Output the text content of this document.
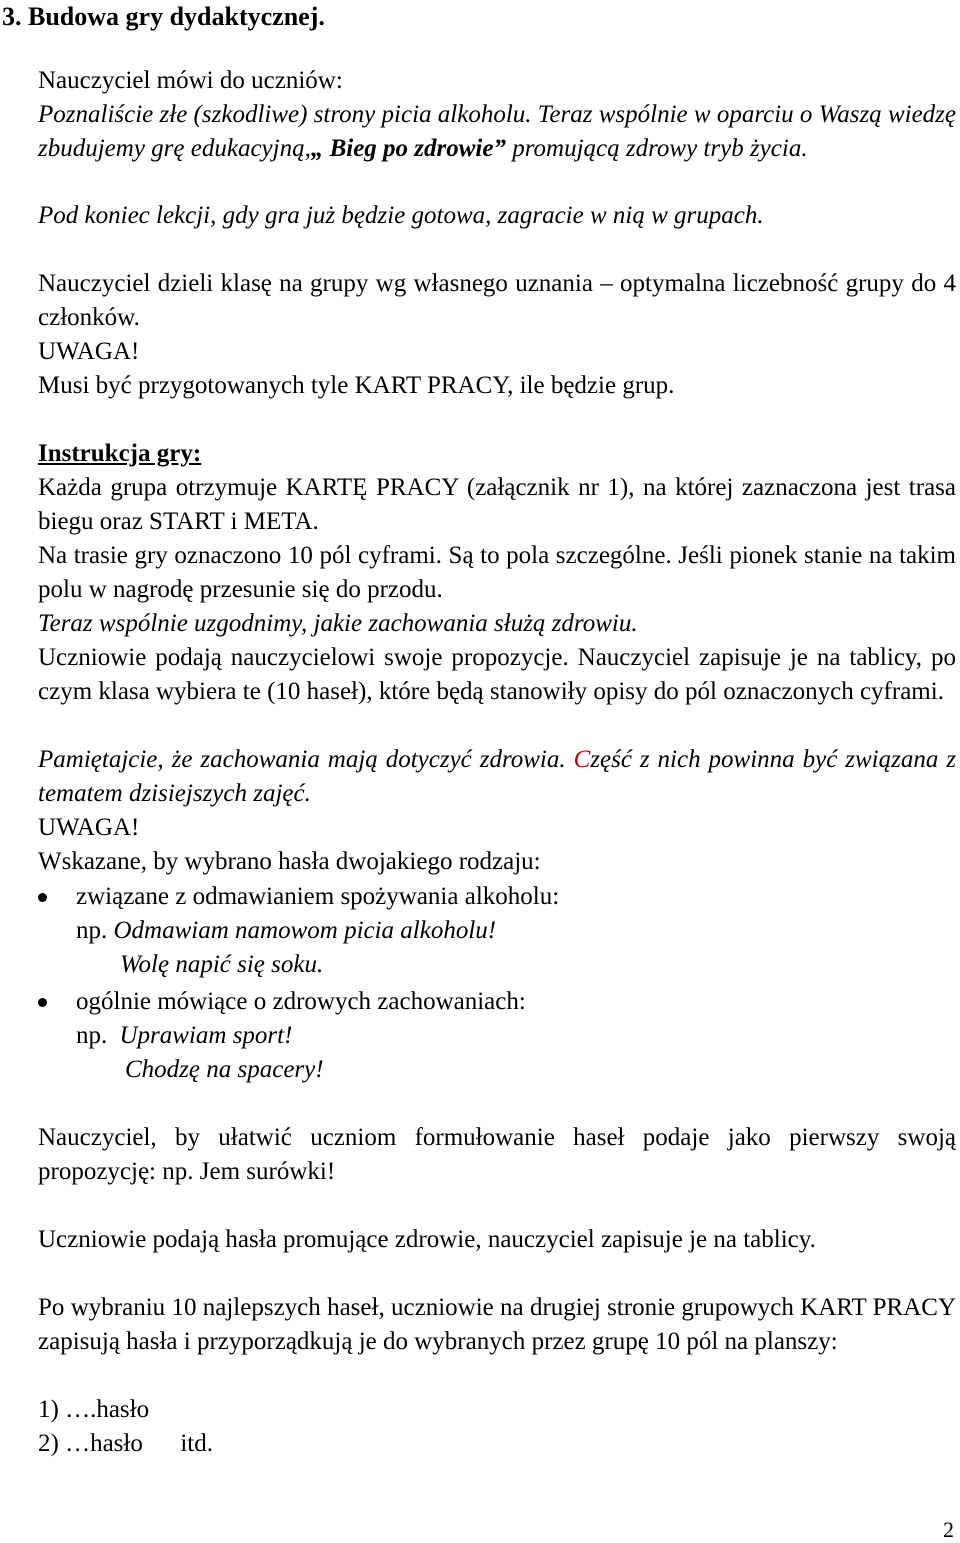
3. Budowa gry dydaktycznej.
Nauczyciel mówi do uczniów:
Poznaliście złe (szkodliwe) strony picia alkoholu. Teraz wspólnie w oparciu o Waszą wiedzę zbudujemy grę edukacyjną,„ Bieg po zdrowie” promującą zdrowy tryb życia.
Pod koniec lekcji, gdy gra już będzie gotowa, zagracie w nią w grupach.
Nauczyciel dzieli klasę na grupy wg własnego uznania – optymalna liczebność grupy do 4 członków.
UWAGA!
Musi być przygotowanych tyle KART PRACY, ile będzie grup.
Instrukcja gry:
Każda grupa otrzymuje KARTĘ PRACY (załącznik nr 1), na której zaznaczona jest trasa biegu oraz START i META.
Na trasie gry oznaczono 10 pól cyframi. Są to pola szczególne. Jeśli pionek stanie na takim polu w nagrodę przesunie się do przodu.
Teraz wspólnie uzgodnimy, jakie zachowania służą zdrowiu.
Uczniowie podają nauczycielowi swoje propozycje. Nauczyciel zapisuje je na tablicy, po czym klasa wybiera te (10 haseł), które będą stanowiły opisy do pól oznaczonych cyframi.
Pamiętajcie, że zachowania mają dotyczyć zdrowia. Część z nich powinna być związana z tematem dzisiejszych zajęć.
UWAGA!
Wskazane, by wybrano hasła dwojakiego rodzaju:
związane z odmawianiem spożywania alkoholu:
np. Odmawiam namowom picia alkoholu!
Wolę napić się soku.
ogólnie mówiące o zdrowych zachowaniach:
np. Uprawiam sport!
Chodzę na spacery!
Nauczyciel, by ułatwić uczniom formułowanie haseł podaje jako pierwszy swoją propozycję: np. Jem surówki!
Uczniowie podają hasła promujące zdrowie, nauczyciel zapisuje je na tablicy.
Po wybraniu 10 najlepszych haseł, uczniowie na drugiej stronie grupowych KART PRACY zapisują hasła i przyporządkują je do wybranych przez grupę 10 pól na planszy:
1) ….hasło
2) …hasło      itd.
2
